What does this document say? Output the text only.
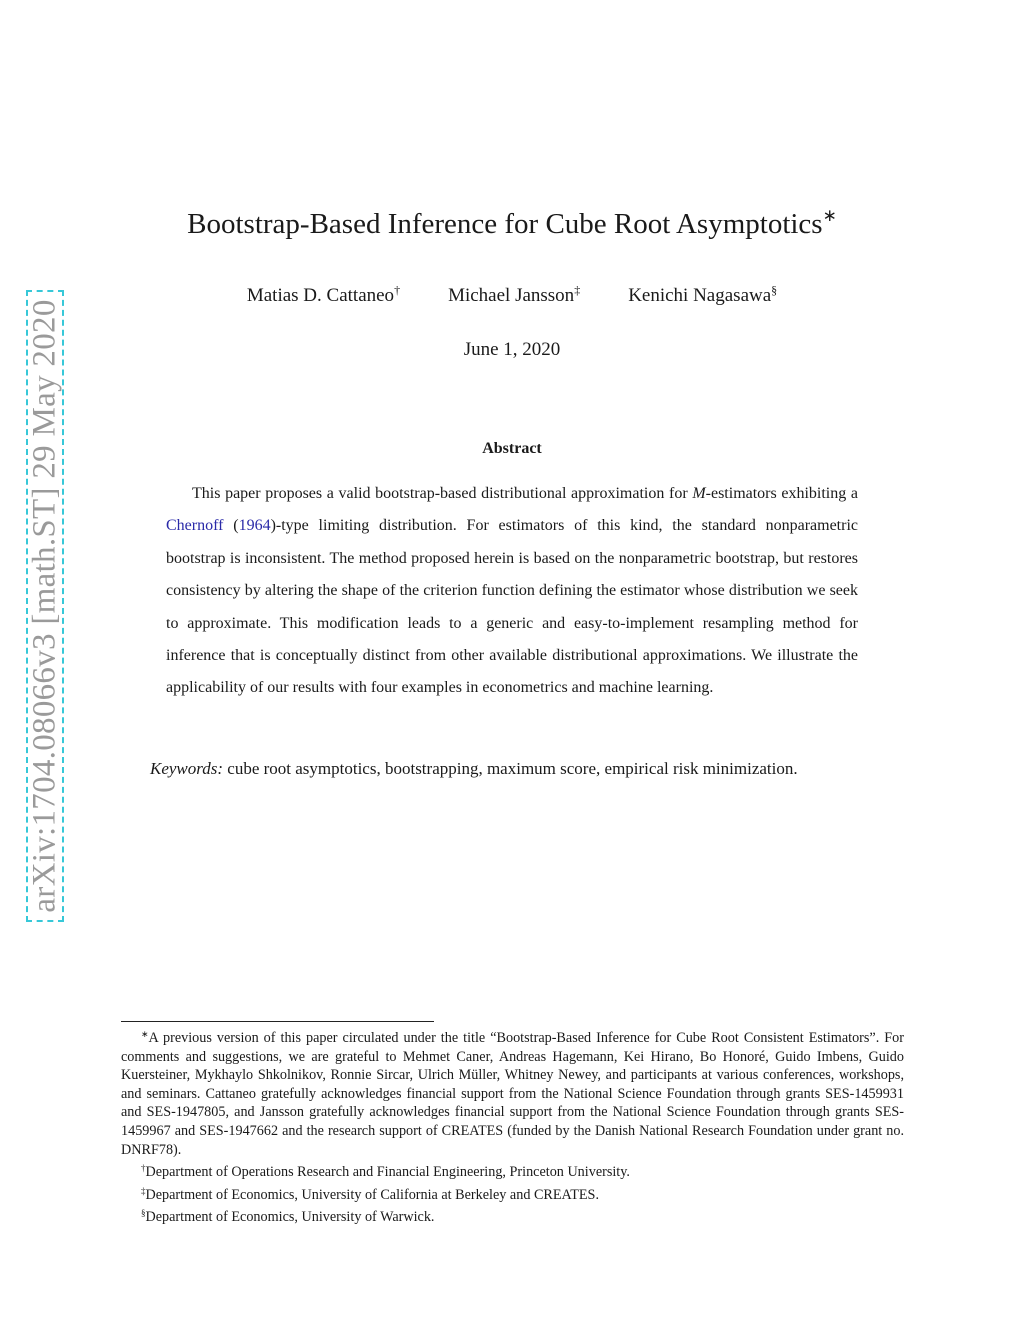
arXiv:1704.08066v3 [math.ST] 29 May 2020
Bootstrap-Based Inference for Cube Root Asymptotics∗
Matias D. Cattaneo†	Michael Jansson‡	Kenichi Nagasawa§
June 1, 2020
Abstract
This paper proposes a valid bootstrap-based distributional approximation for M-estimators exhibiting a Chernoff (1964)-type limiting distribution. For estimators of this kind, the standard nonparametric bootstrap is inconsistent. The method proposed herein is based on the nonparametric bootstrap, but restores consistency by altering the shape of the criterion function defining the estimator whose distribution we seek to approximate. This modification leads to a generic and easy-to-implement resampling method for inference that is conceptually distinct from other available distributional approximations. We illustrate the applicability of our results with four examples in econometrics and machine learning.
Keywords: cube root asymptotics, bootstrapping, maximum score, empirical risk minimization.

∗A previous version of this paper circulated under the title “Bootstrap-Based Inference for Cube Root Consistent Estimators”. For comments and suggestions, we are grateful to Mehmet Caner, Andreas Hagemann, Kei Hirano, Bo Honoré, Guido Imbens, Guido Kuersteiner, Mykhaylo Shkolnikov, Ronnie Sircar, Ulrich Müller, Whitney Newey, and participants at various conferences, workshops, and seminars. Cattaneo gratefully acknowledges financial support from the National Science Foundation through grants SES-1459931 and SES-1947805, and Jansson gratefully acknowledges financial support from the National Science Foundation through grants SES-1459967 and SES-1947662 and the research support of CREATES (funded by the Danish National Research Foundation under grant no. DNRF78).

†Department of Operations Research and Financial Engineering, Princeton University.

‡Department of Economics, University of California at Berkeley and CREATES.

§Department of Economics, University of Warwick.
